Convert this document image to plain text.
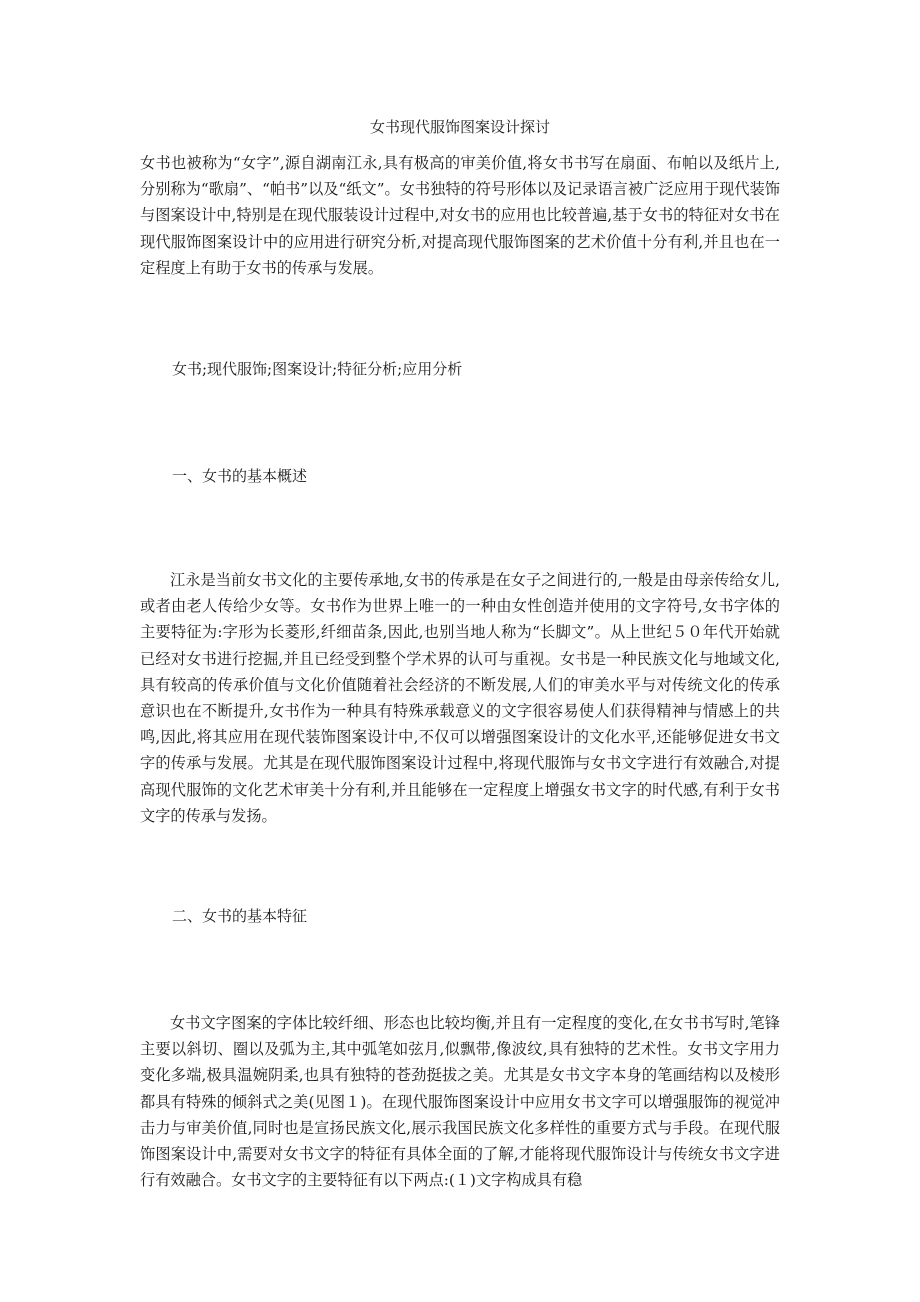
女书现代服饰图案设计探讨

女书也被称为“女字”,源自湖南江永,具有极高的审美价值,将女书书写在扇面、布帕以及纸片上,分别称为“歌扇”、“帕书”以及“纸文”。女书独特的符号形体以及记录语言被广泛应用于现代装饰与图案设计中,特别是在现代服装设计过程中,对女书的应用也比较普遍,基于女书的特征对女书在现代服饰图案设计中的应用进行研究分析,对提高现代服饰图案的艺术价值十分有利,并且也在一定程度上有助于女书的传承与发展。

女书;现代服饰;图案设计;特征分析;应用分析

一、女书的基本概述

江永是当前女书文化的主要传承地,女书的传承是在女子之间进行的,一般是由母亲传给女儿,或者由老人传给少女等。女书作为世界上唯一的一种由女性创造并使用的文字符号,女书字体的主要特征为:字形为长菱形,纤细苗条,因此,也别当地人称为“长脚文”。从上世纪５０年代开始就已经对女书进行挖掘,并且已经受到整个学术界的认可与重视。女书是一种民族文化与地域文化,具有较高的传承价值与文化价值随着社会经济的不断发展,人们的审美水平与对传统文化的传承意识也在不断提升,女书作为一种具有特殊承载意义的文字很容易使人们获得精神与情感上的共鸣,因此,将其应用在现代装饰图案设计中,不仅可以增强图案设计的文化水平,还能够促进女书文字的传承与发展。尤其是在现代服饰图案设计过程中,将现代服饰与女书文字进行有效融合,对提高现代服饰的文化艺术审美十分有利,并且能够在一定程度上增强女书文字的时代感,有利于女书文字的传承与发扬。

二、女书的基本特征

女书文字图案的字体比较纤细、形态也比较均衡,并且有一定程度的变化,在女书书写时,笔锋主要以斜切、圈以及弧为主,其中弧笔如弦月,似飘带,像波纹,具有独特的艺术性。女书文字用力变化多端,极具温婉阴柔,也具有独特的苍劲挺拔之美。尤其是女书文字本身的笔画结构以及棱形都具有特殊的倾斜式之美(见图１)。在现代服饰图案设计中应用女书文字可以增强服饰的视觉冲击力与审美价值,同时也是宣扬民族文化,展示我国民族文化多样性的重要方式与手段。在现代服饰图案设计中,需要对女书文字的特征有具体全面的了解,才能将现代服饰设计与传统女书文字进行有效融合。女书文字的主要特征有以下两点:(１)文字构成具有稳
